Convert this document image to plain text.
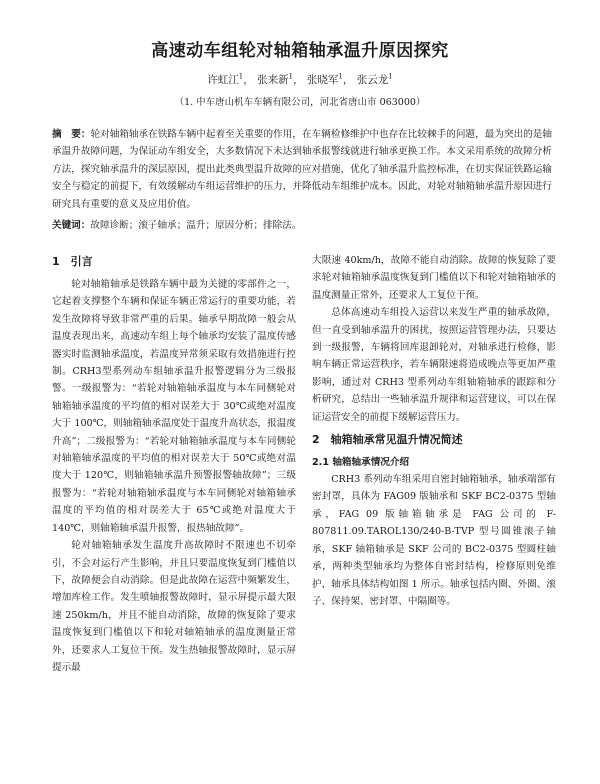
高速动车组轮对轴箱轴承温升原因探究
许虹江$^1$， 张来新$^1$， 张晓军$^1$， 张云龙$^1$
（1. 中车唐山机车车辆有限公司，河北省唐山市 063000）
摘　要：轮对轴箱轴承在铁路车辆中起着至关重要的作用，在车辆检修维护中也存在比较棘手的问题，最为突出的是轴承温升故障问题，为保证动车组安全，大多数情况下未达到轴承报警线就进行轴承更换工作。本文采用系统的故障分析方法，探究轴承温升的深层原因，提出此类典型温升故障的应对措施，优化了轴承温升监控标准，在切实保证铁路运输安全与稳定的前提下，有效缓解动车组运营维护的压力，并降低动车组维护成本。因此，对轮对轴箱轴承温升原因进行研究具有重要的意义及应用价值。
关键词：故障诊断；滚子轴承；温升；原因分析；排除法。
1　引言

轮对轴箱轴承是铁路车辆中最为关键的零部件之一，它起着支撑整个车辆和保证车辆正常运行的重要功能，若发生故障将导致非常严重的后果。轴承早期故障一般会从温度表现出来，高速动车组上每个轴承均安装了温度传感器实时监测轴承温度，若温度异常须采取有效措施进行控制。CRH3型系列动车组轴承温升报警逻辑分为三级报警。一级报警为：“若轮对轴箱轴承温度与本车同侧轮对轴箱轴承温度的平均值的相对误差大于 30℃或绝对温度大于 100℃，则轴箱轴承温度处于温度升高状态，报温度升高”；二级报警为：“若轮对轴箱轴承温度与本车同侧轮对轴箱轴承温度的平均值的相对误差大于 50℃或绝对温度大于 120℃，则轴箱轴承温升预警报警轴故障”；三级报警为：“若轮对轴箱轴承温度与本车同侧轮对轴箱轴承温度的平均值的相对误差大于 65℃或绝对温度大于 140℃，则轴箱轴承温升报警，报热轴故障”。

轮对轴箱轴承发生温度升高故障时不限速也不切牵引，不会对运行产生影响，并且只要温度恢复到门槛值以下，故障便会自动消除。但是此故障在运营中频繁发生，增加库检工作。发生喷轴报警故障时，显示屏提示最大限速 250km/h，并且不能自动消除，故障的恢复除了要求温度恢复到门槛值以下和轮对轴箱轴承的温度测量正常外，还要求人工复位干预。发生热轴报警故障时，显示屏提示最

大限速 40km/h，故障不能自动消除。故障的恢复除了要求轮对轴箱轴承温度恢复到门槛值以下和轮对轴箱轴承的温度测量正常外，还要求人工复位干预。

总体高速动车组投入运营以来发生严重的轴承故障，但一直受到轴承温升的困扰，按照运营管理办法，只要达到一级报警，车辆将回库退卸轮对，对轴承进行检修，影响车辆正常运营秩序，若车辆限速将造成晚点等更加严重影响，通过对 CRH3 型系列动车组轴箱轴承的跟踪和分析研究，总结出一些轴承温升规律和运营建议，可以在保证运营安全的前提下缓解运营压力。

2　轴箱轴承常见温升情况简述
2.1 轴箱轴承情况介绍

CRH3 系列动车组采用自密封轴箱轴承，轴承端部有密封罩，具体为 FAG09 版轴承和 SKF BC2-0375 型轴承，FAG 09 版轴箱轴承是 FAG 公司的 F-807811.09.TAROL130/240-B-TVP 型号圆锥滚子轴承，SKF 轴箱轴承是 SKF 公司的 BC2-0375 型圆柱轴承，两种类型轴承均为整体自密封结构，检修原则免维护，轴承具体结构如图 1 所示。轴承包括内圈、外圈、滚子、保持架、密封罩、中隔圈等。
